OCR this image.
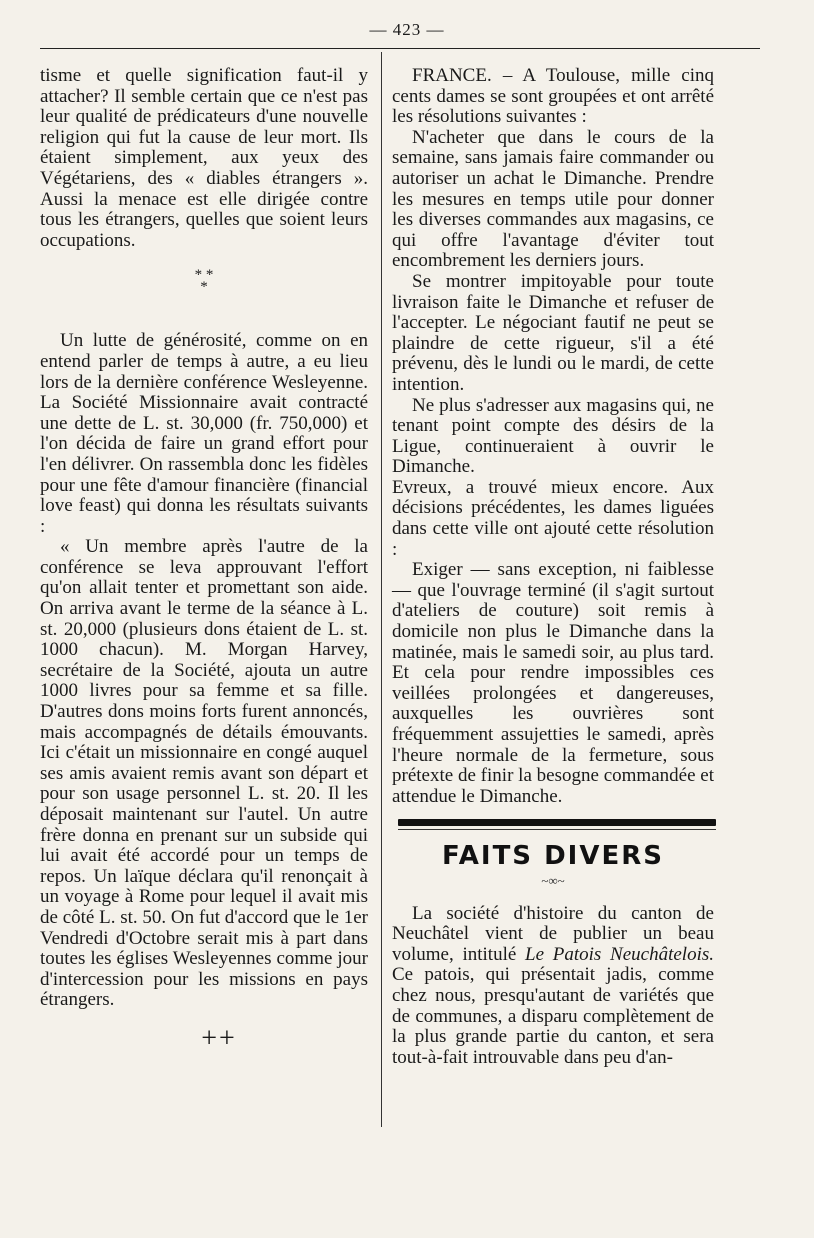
— 423 —

tisme et quelle signification faut-il y attacher? Il semble certain que ce n'est pas leur qualité de prédicateurs d'une nouvelle religion qui fut la cause de leur mort. Ils étaient simplement, aux yeux des Végétariens, des « diables étrangers ». Aussi la menace est elle dirigée contre tous les étrangers, quelles que soient leurs occupations.

* *
*

Un lutte de générosité, comme on en entend parler de temps à autre, a eu lieu lors de la dernière conférence Wesleyenne. La Société Missionnaire avait contracté une dette de L. st. 30,000 (fr. 750,000) et l'on décida de faire un grand effort pour l'en délivrer. On rassembla donc les fidèles pour une fête d'amour financière (financial love feast) qui donna les résultats suivants :

« Un membre après l'autre de la conférence se leva approuvant l'effort qu'on allait tenter et promettant son aide. On arriva avant le terme de la séance à L. st. 20,000 (plusieurs dons étaient de L. st. 1000 chacun). M. Morgan Harvey, secrétaire de la Société, ajouta un autre 1000 livres pour sa femme et sa fille. D'autres dons moins forts furent annoncés, mais accompagnés de détails émouvants. Ici c'était un missionnaire en congé auquel ses amis avaient remis avant son départ et pour son usage personnel L. st. 20. Il les déposait maintenant sur l'autel. Un autre frère donna en prenant sur un subside qui lui avait été accordé pour un temps de repos. Un laïque déclara qu'il renonçait à un voyage à Rome pour lequel il avait mis de côté L. st. 50. On fut d'accord que le 1er Vendredi d'Octobre serait mis à part dans toutes les églises Wesleyennes comme jour d'intercession pour les missions en pays étrangers.

++

FRANCE. – A Toulouse, mille cinq cents dames se sont groupées et ont arrêté les résolutions suivantes :

N'acheter que dans le cours de la semaine, sans jamais faire commander ou autoriser un achat le Dimanche. Prendre les mesures en temps utile pour donner les diverses commandes aux magasins, ce qui offre l'avantage d'éviter tout encombrement les derniers jours.

Se montrer impitoyable pour toute livraison faite le Dimanche et refuser de l'accepter. Le négociant fautif ne peut se plaindre de cette rigueur, s'il a été prévenu, dès le lundi ou le mardi, de cette intention.

Ne plus s'adresser aux magasins qui, ne tenant point compte des désirs de la Ligue, continueraient à ouvrir le Dimanche.

Evreux, a trouvé mieux encore. Aux décisions précédentes, les dames liguées dans cette ville ont ajouté cette résolution :

Exiger — sans exception, ni faiblesse — que l'ouvrage terminé (il s'agit surtout d'ateliers de couture) soit remis à domicile non plus le Dimanche dans la matinée, mais le samedi soir, au plus tard. Et cela pour rendre impossibles ces veillées prolongées et dangereuses, auxquelles les ouvrières sont fréquemment assujetties le samedi, après l'heure normale de la fermeture, sous prétexte de finir la besogne commandée et attendue le Dimanche.

FAITS DIVERS
~∞~

La société d'histoire du canton de Neuchâtel vient de publier un beau volume, intitulé Le Patois Neuchâtelois. Ce patois, qui présentait jadis, comme chez nous, presqu'autant de variétés que de communes, a disparu complètement de la plus grande partie du canton, et sera tout-à-fait introuvable dans peu d'an-
